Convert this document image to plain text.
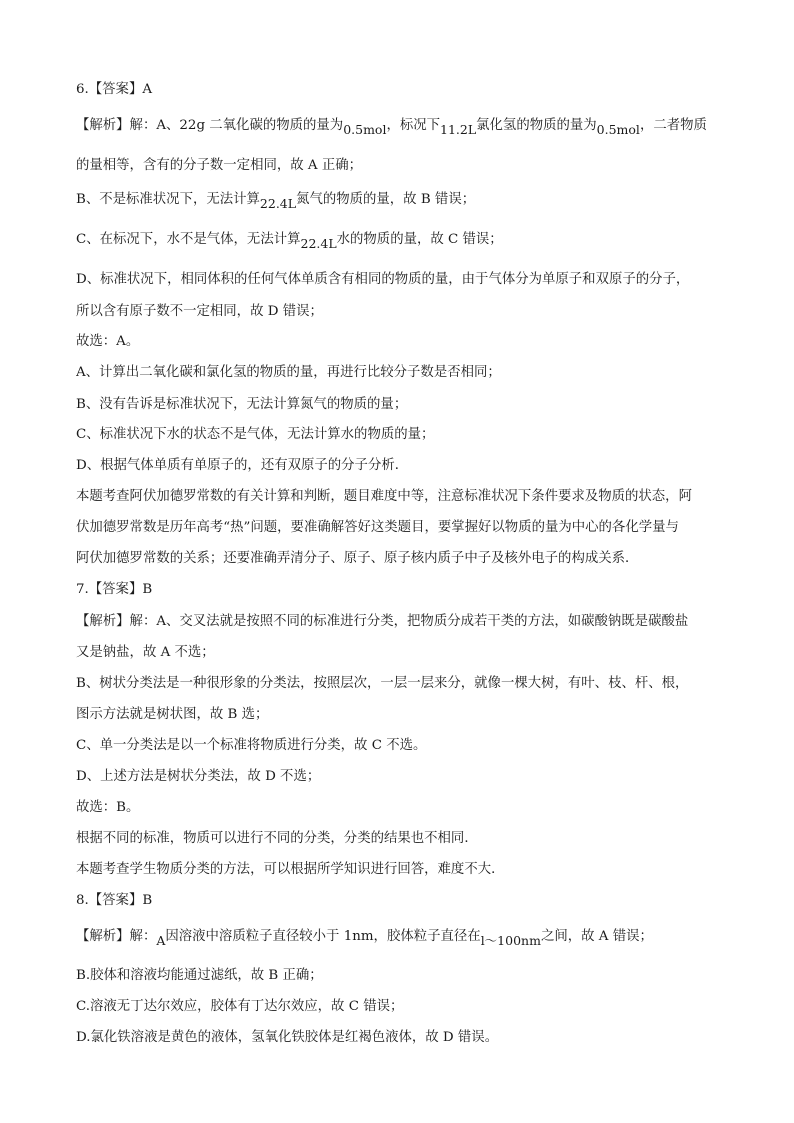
6.【答案】A

【解析】解：A、22g 二氧化碳的物质的量为0.5mol，标况下11.2L氯化氢的物质的量为0.5mol，二者物质

的量相等，含有的分子数一定相同，故 A 正确；

B、不是标准状况下，无法计算22.4L氮气的物质的量，故 B 错误；

C、在标况下，水不是气体，无法计算22.4L水的物质的量，故 C 错误；

D、标准状况下，相同体积的任何气体单质含有相同的物质的量，由于气体分为单原子和双原子的分子，

所以含有原子数不一定相同，故 D 错误；

故选：A。

A、计算出二氧化碳和氯化氢的物质的量，再进行比较分子数是否相同；

B、没有告诉是标准状况下，无法计算氮气的物质的量；

C、标准状况下水的状态不是气体，无法计算水的物质的量；

D、根据气体单质有单原子的，还有双原子的分子分析．

本题考查阿伏加德罗常数的有关计算和判断，题目难度中等，注意标准状况下条件要求及物质的状态，阿

伏加德罗常数是历年高考“热”问题，要准确解答好这类题目，要掌握好以物质的量为中心的各化学量与

阿伏加德罗常数的关系；还要准确弄清分子、原子、原子核内质子中子及核外电子的构成关系．

7.【答案】B

【解析】解：A、交叉法就是按照不同的标准进行分类，把物质分成若干类的方法，如碳酸钠既是碳酸盐

又是钠盐，故 A 不选；

B、树状分类法是一种很形象的分类法，按照层次，一层一层来分，就像一棵大树，有叶、枝、杆、根，

图示方法就是树状图，故 B 选；

C、单一分类法是以一个标准将物质进行分类，故 C 不选。

D、上述方法是树状分类法，故 D 不选；

故选：B。

根据不同的标准，物质可以进行不同的分类，分类的结果也不相同．

本题考查学生物质分类的方法，可以根据所学知识进行回答，难度不大．

8.【答案】B

【解析】解：A因溶液中溶质粒子直径较小于 1nm，胶体粒子直径在l～100nm之间，故 A 错误；

B.胶体和溶液均能通过滤纸，故 B 正确；

C.溶液无丁达尔效应，胶体有丁达尔效应，故 C 错误；

D.氯化铁溶液是黄色的液体，氢氧化铁胶体是红褐色液体，故 D 错误。
